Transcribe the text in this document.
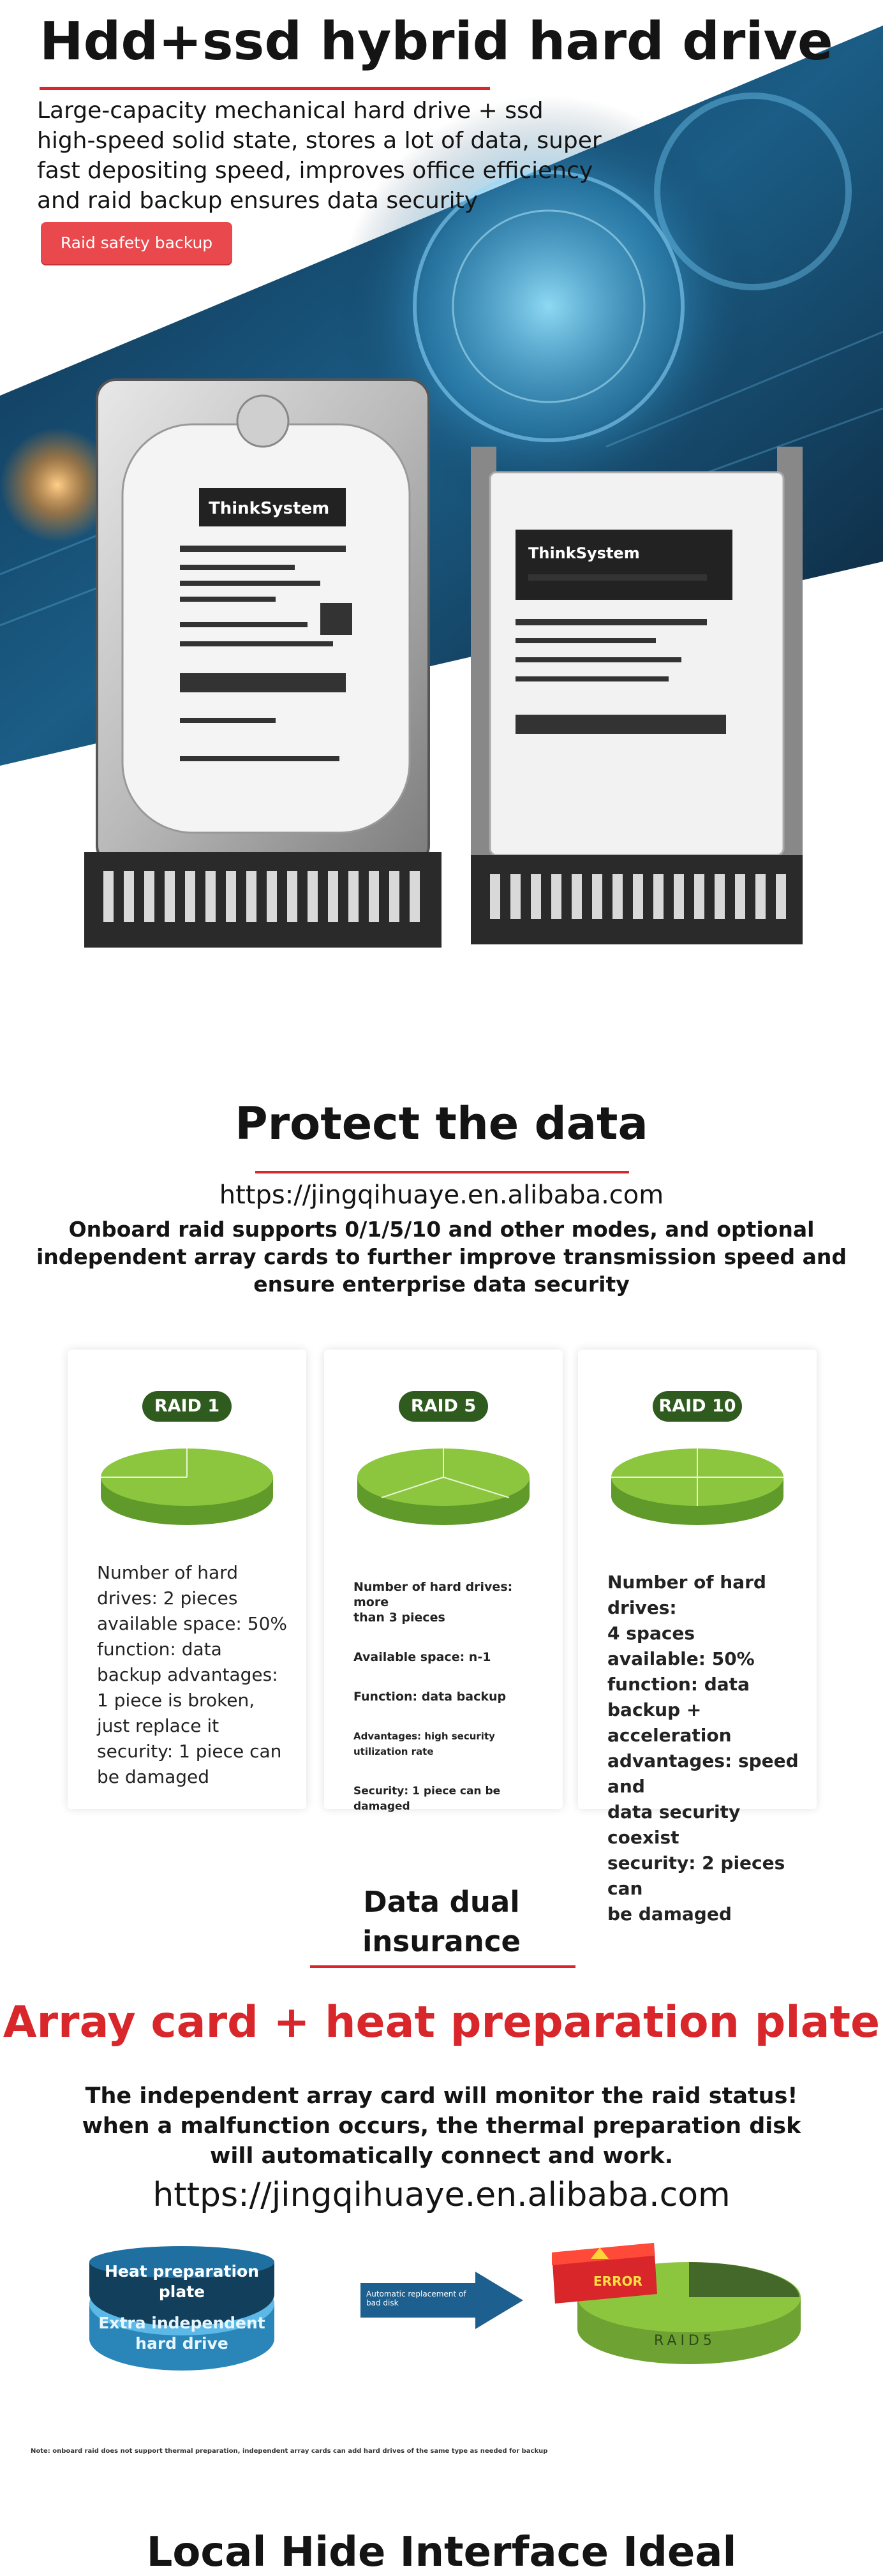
Hdd+ssd hybrid hard drive
Large-capacity mechanical hard drive + ssd
high-speed solid state, stores a lot of data, super
fast depositing speed, improves office efficiency
and raid backup ensures data security
Raid safety backup
ThinkSystem
ThinkSystem
Protect the data
https://jingqihuaye.en.alibaba.com
Onboard raid supports 0/1/5/10 and other modes, and optional independent array cards to further improve transmission speed and ensure enterprise data security
RAID 1
Number of hard
drives: 2 pieces
available space: 50%
function: data
backup advantages:
1 piece is broken,
just replace it
security: 1 piece can
be damaged
RAID 5
Number of hard drives: more
than 3 pieces
Available space: n-1
Function: data backup
Advantages: high security utilization rate
Security: 1 piece can be damaged
RAID 10
Number of hard drives:
4 spaces available: 50%
function: data backup +
acceleration
advantages: speed and
data security coexist
security: 2 pieces can
be damaged
Data dual
insurance
Array card + heat preparation plate
The independent array card will monitor the raid status! when a malfunction occurs, the thermal preparation disk will automatically connect and work.
https://jingqihuaye.en.alibaba.com
Heat preparation
plate
Extra independent
hard drive
Automatic replacement of
bad disk
ERROR
RAID5
Note: onboard raid does not support thermal preparation, independent array cards can add hard drives of the same type as needed for backup
Local Hide Interface Ideal
